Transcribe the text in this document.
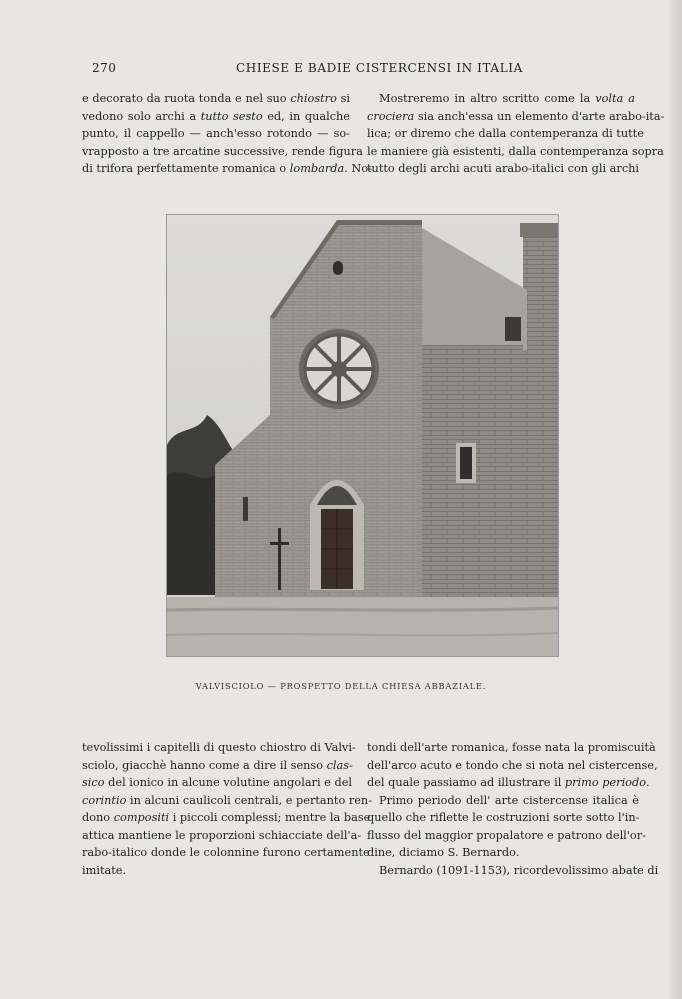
270	CHIESE E BADIE CISTERCENSI IN ITALIA
e decorato da ruota tonda e nel suo chiostro si
vedono solo archi a tutto sesto ed, in qualche
punto, il cappello — anch'esso rotondo — so-
vrapposto a tre arcatine successive, rende figura
di trifora perfettamente romanica o lombarda. No-
Mostreremo in altro scritto come la volta a
crociera sia anch'essa un elemento d'arte arabo-ita-
lica; or diremo che dalla contemperanza di tutte
le maniere già esistenti, dalla contemperanza sopra
tutto degli archi acuti arabo-italici con gli archi
VALVISCIOLO — PROSPETTO DELLA CHIESA ABBAZIALE.
tevolissimi i capitelli di questo chiostro di Valvi-
sciolo, giacchè hanno come a dire il senso clas-
sico del ionico in alcune volutine angolari e del
corintio in alcuni caulicoli centrali, e pertanto ren-
dono compositi i piccoli complessi; mentre la base
attica mantiene le proporzioni schiacciate dell'a-
rabo-italico donde le colonnine furono certamente
imitate.
tondi dell'arte romanica, fosse nata la promiscuità
dell'arco acuto e tondo che si nota nel cistercense,
del quale passiamo ad illustrare il primo periodo.
Primo periodo dell' arte cistercense italica è
quello che riflette le costruzioni sorte sotto l'in-
flusso del maggior propalatore e patrono dell'or-
dine, diciamo S. Bernardo.
Bernardo (1091-1153), ricordevolissimo abate di
